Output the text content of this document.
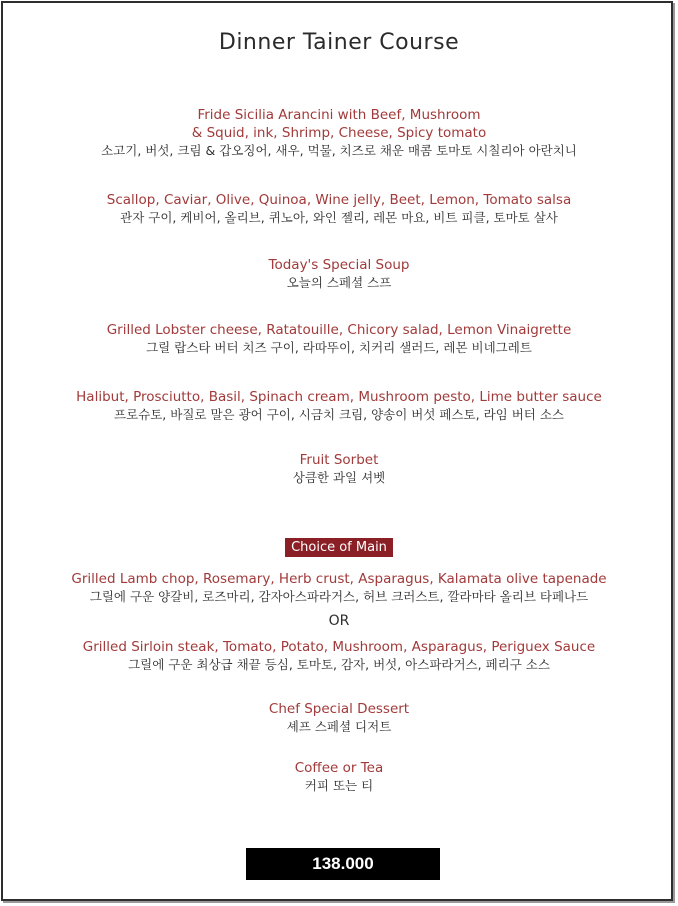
Dinner Tainer Course
Fride Sicilia Arancini with Beef, Mushroom
& Squid, ink, Shrimp, Cheese, Spicy tomato
소고기, 버섯, 크림 & 갑오징어, 새우, 먹물, 치즈로 채운 매콤 토마토 시칠리아 아란치니
Scallop, Caviar, Olive, Quinoa, Wine jelly, Beet, Lemon, Tomato salsa
관자 구이, 케비어, 올리브, 퀴노아, 와인 젤리, 레몬 마요, 비트 피클, 토마토 살사
Today's Special Soup
오늘의 스페셜 스프
Grilled Lobster cheese, Ratatouille, Chicory salad, Lemon Vinaigrette
그릴 랍스타 버터 치즈 구이, 라따뚜이, 치커리 샐러드, 레몬 비네그레트
Halibut, Prosciutto, Basil, Spinach cream, Mushroom pesto, Lime butter sauce
프로슈토, 바질로 말은 광어 구이, 시금치 크림, 양송이 버섯 페스토, 라임 버터 소스
Fruit Sorbet
상큼한 과일 셔벳
Choice of Main
Grilled Lamb chop, Rosemary, Herb crust, Asparagus, Kalamata olive tapenade
그릴에 구운 양갈비, 로즈마리, 감자아스파라거스, 허브 크러스트, 깔라마타 올리브 타페나드
OR
Grilled Sirloin steak, Tomato, Potato, Mushroom, Asparagus, Periguex Sauce
그릴에 구운 최상급 채끝 등심, 토마토, 감자, 버섯, 아스파라거스, 페리구 소스
Chef Special Dessert
셰프 스페셜 디저트
Coffee or Tea
커피 또는 티
138.000
